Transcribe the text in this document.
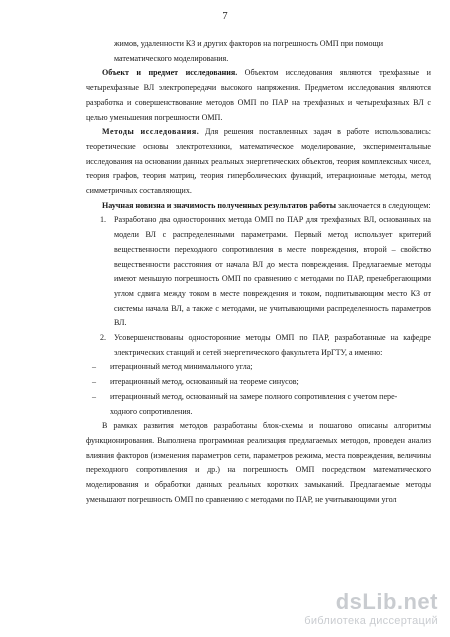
7

жимов, удаленности КЗ и других факторов на погрешность ОМП при помощи

математического моделирования.

Объект и предмет исследования. Объектом исследования являются трехфазные и четырехфазные ВЛ электропередачи высокого напряжения. Предметом исследования являются разработка и совершенствование методов ОМП по ПАР на трехфазных и четырехфазных ВЛ с целью уменьшения погрешности ОМП.

Методы исследования. Для решения поставленных задач в работе использовались: теоретические основы электротехники, математическое моделирование, экспериментальные исследования на основании данных реальных энергетических объектов, теория комплексных чисел, теория графов, теория матриц, теория гиперболических функций, итерационные методы, метод симметричных составляющих.

Научная новизна и значимость полученных результатов работы заключается в следующем:

1. Разработано два односторонних метода ОМП по ПАР для трехфазных ВЛ, основанных на модели ВЛ с распределенными параметрами. Первый метод использует критерий вещественности переходного сопротивления в месте повреждения, второй – свойство вещественности расстояния от начала ВЛ до места повреждения. Предлагаемые методы имеют меньшую погрешность ОМП по сравнению с методами по ПАР, пренебрегающими углом сдвига между током в месте повреждения и током, подпитывающим место КЗ от системы начала ВЛ, а также с методами, не учитывающими распределенность параметров ВЛ.

2. Усовершенствованы односторонние методы ОМП по ПАР, разработанные на кафедре электрических станций и сетей энергетического факультета ИрГТУ, а именно:

– итерационный метод минимального угла;

– итерационный метод, основанный на теореме синусов;

– итерационный метод, основанный на замере полного сопротивления с учетом пере-

ходного сопротивления.

В рамках развития методов разработаны блок-схемы и пошагово описаны алгоритмы функционирования. Выполнена программная реализация предлагаемых методов, проведен анализ влияния факторов (изменения параметров сети, параметров режима, места повреждения, величины переходного сопротивления и др.) на погрешность ОМП посредством математического моделирования и обработки данных реальных коротких замыканий. Предлагаемые методы уменьшают погрешность ОМП по сравнению с методами по ПАР, не учитывающими угол

dsLib.net
библиотека диссертаций
